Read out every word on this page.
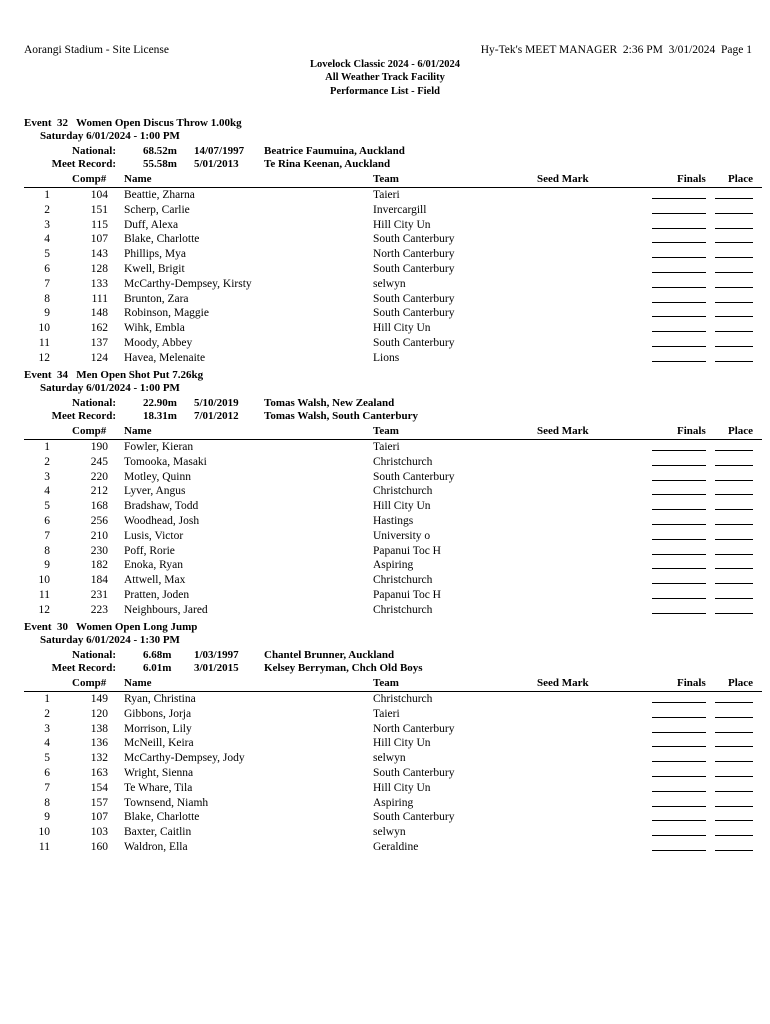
Aorangi Stadium - Site License	Hy-Tek's MEET MANAGER  2:36 PM  3/01/2024  Page 1
Lovelock Classic 2024 - 6/01/2024
All Weather Track Facility
Performance List - Field
Event  32   Women Open Discus Throw 1.00kg
Saturday 6/01/2024 - 1:00 PM
National: 68.52m 14/07/1997 Beatrice Faumuina, Auckland
Meet Record: 55.58m 5/01/2013 Te Rina Keenan, Auckland
Comp# Name	Team	Seed Mark	Finals Place
1	104 Beattie, Zharna	Taieri
2	151 Scherp, Carlie	Invercargill
3	115 Duff, Alexa	Hill City Un
4	107 Blake, Charlotte	South Canterbury
5	143 Phillips, Mya	North Canterbury
6	128 Kwell, Brigit	South Canterbury
7	133 McCarthy-Dempsey, Kirsty	selwyn
8	111 Brunton, Zara	South Canterbury
9	148 Robinson, Maggie	South Canterbury
10	162 Wihk, Embla	Hill City Un
11	137 Moody, Abbey	South Canterbury
12	124 Havea, Melenaite	Lions
Event  34   Men Open Shot Put 7.26kg
Saturday 6/01/2024 - 1:00 PM
National: 22.90m 5/10/2019 Tomas Walsh, New Zealand
Meet Record: 18.31m 7/01/2012 Tomas Walsh, South Canterbury
Comp# Name	Team	Seed Mark	Finals Place
1	190 Fowler, Kieran	Taieri
2	245 Tomooka, Masaki	Christchurch
3	220 Motley, Quinn	South Canterbury
4	212 Lyver, Angus	Christchurch
5	168 Bradshaw, Todd	Hill City Un
6	256 Woodhead, Josh	Hastings
7	210 Lusis, Victor	University o
8	230 Poff, Rorie	Papanui Toc H
9	182 Enoka, Ryan	Aspiring
10	184 Attwell, Max	Christchurch
11	231 Pratten, Joden	Papanui Toc H
12	223 Neighbours, Jared	Christchurch
Event  30   Women Open Long Jump
Saturday 6/01/2024 - 1:30 PM
National: 6.68m 1/03/1997 Chantel Brunner, Auckland
Meet Record: 6.01m 3/01/2015 Kelsey Berryman, Chch Old Boys
Comp# Name	Team	Seed Mark	Finals Place
1	149 Ryan, Christina	Christchurch
2	120 Gibbons, Jorja	Taieri
3	138 Morrison, Lily	North Canterbury
4	136 McNeill, Keira	Hill City Un
5	132 McCarthy-Dempsey, Jody	selwyn
6	163 Wright, Sienna	South Canterbury
7	154 Te Whare, Tila	Hill City Un
8	157 Townsend, Niamh	Aspiring
9	107 Blake, Charlotte	South Canterbury
10	103 Baxter, Caitlin	selwyn
11	160 Waldron, Ella	Geraldine
